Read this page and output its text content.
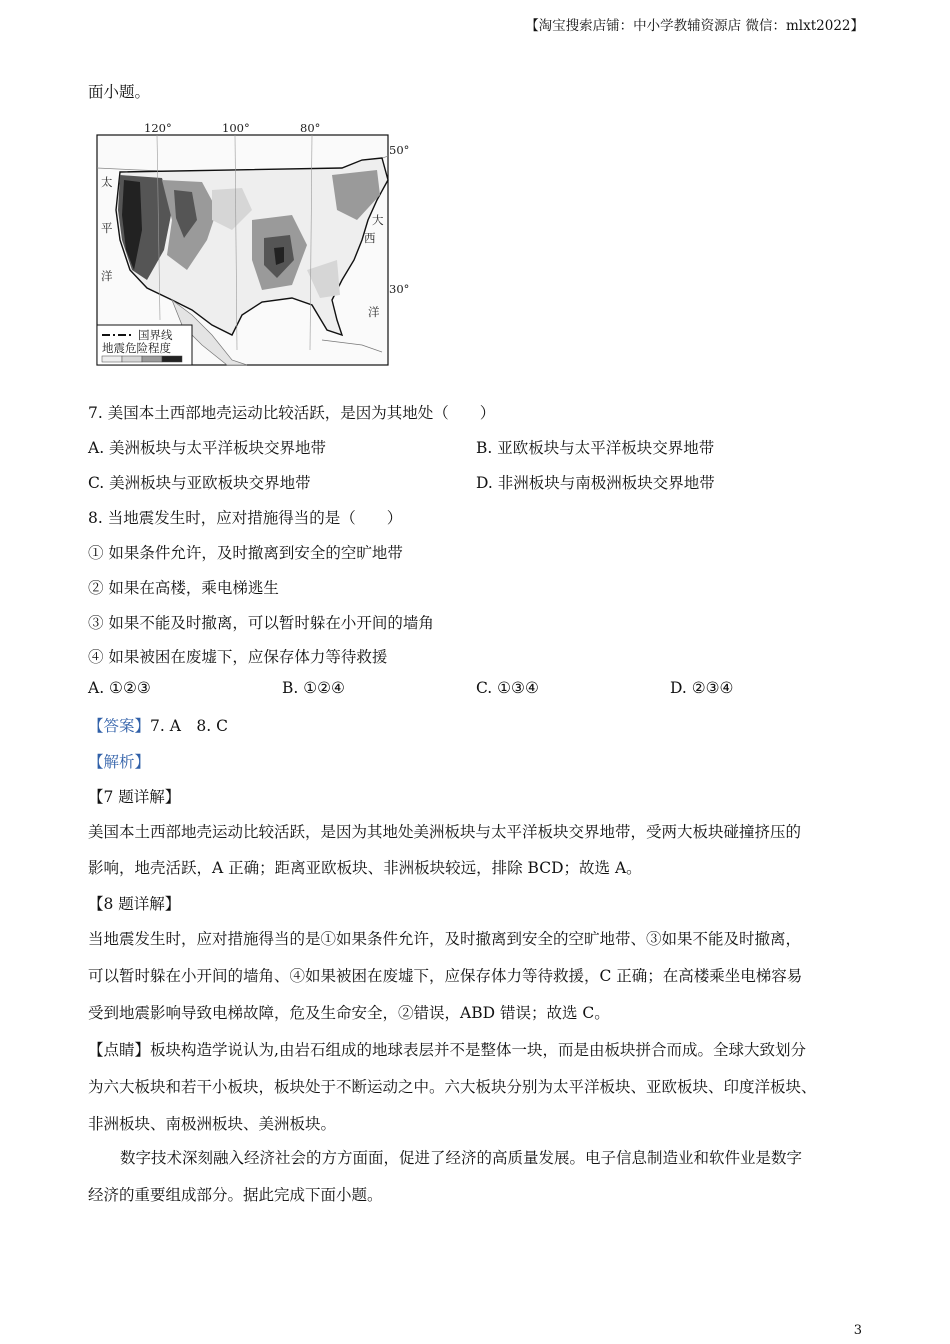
【淘宝搜索店铺：中小学教辅资源店 微信：mlxt2022】
面小题。
120°	100°	80°
50°
30°
太
平
洋
大
西
洋
国界线
地震危险程度
7. 美国本土西部地壳运动比较活跃，是因为其地处（　　）
A. 美洲板块与太平洋板块交界地带	B. 亚欧板块与太平洋板块交界地带
C. 美洲板块与亚欧板块交界地带	D. 非洲板块与南极洲板块交界地带
8. 当地震发生时，应对措施得当的是（　　）
① 如果条件允许，及时撤离到安全的空旷地带
② 如果在高楼，乘电梯逃生
③ 如果不能及时撤离，可以暂时躲在小开间的墙角
④ 如果被困在废墟下，应保存体力等待救援
A. ①②③	B. ①②④	C. ①③④	D. ②③④
【答案】7. A　8. C
【解析】
【7 题详解】
美国本土西部地壳运动比较活跃，是因为其地处美洲板块与太平洋板块交界地带，受两大板块碰撞挤压的
影响，地壳活跃，A 正确；距离亚欧板块、非洲板块较远，排除 BCD；故选 A。
【8 题详解】
当地震发生时，应对措施得当的是①如果条件允许，及时撤离到安全的空旷地带、③如果不能及时撤离，
可以暂时躲在小开间的墙角、④如果被困在废墟下，应保存体力等待救援，C 正确；在高楼乘坐电梯容易
受到地震影响导致电梯故障，危及生命安全，②错误，ABD 错误；故选 C。
【点睛】板块构造学说认为,由岩石组成的地球表层并不是整体一块，而是由板块拼合而成。全球大致划分
为六大板块和若干小板块，板块处于不断运动之中。六大板块分别为太平洋板块、亚欧板块、印度洋板块、
非洲板块、南极洲板块、美洲板块。
数字技术深刻融入经济社会的方方面面，促进了经济的高质量发展。电子信息制造业和软件业是数字
经济的重要组成部分。据此完成下面小题。
3
